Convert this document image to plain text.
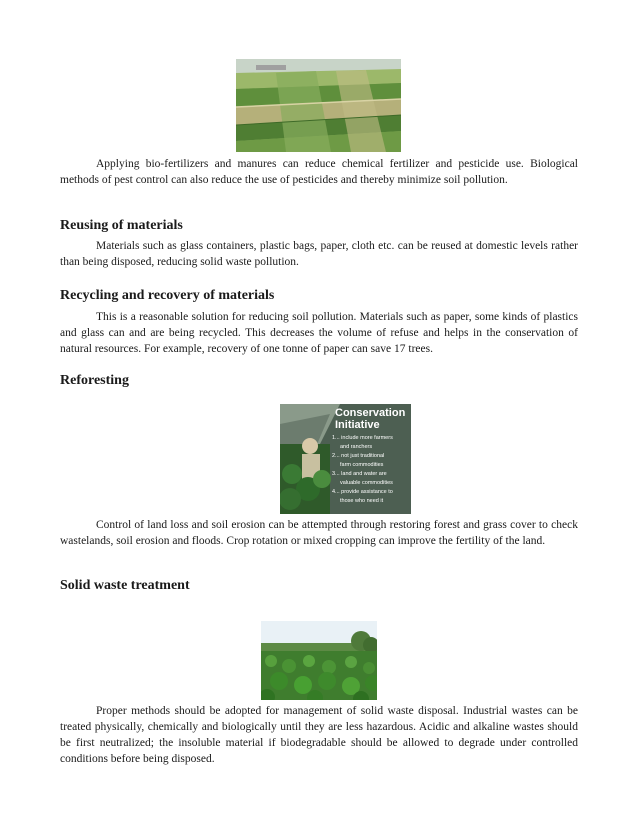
Applying bio-fertilizers and manures can reduce chemical fertilizer and pesticide use. Biological methods of pest control can also reduce the use of pesticides and thereby minimize soil pollution.

Reusing of materials

Materials such as glass containers, plastic bags, paper, cloth etc. can be reused at domestic levels rather than being disposed, reducing solid waste pollution.

Recycling and recovery of materials

This is a reasonable solution for reducing soil pollution. Materials such as paper, some kinds of plastics and glass can and are being recycled. This decreases the volume of refuse and helps in the conservation of natural resources. For example, recovery of one tonne of paper can save 17 trees.

Reforesting
Conservation
Initiative
1... include more farmers
and ranchers
2... not just traditional
farm commodities
3... land and water are
valuable commodities
4... provide assistance to
those who need it

Control of land loss and soil erosion can be attempted through restoring forest and grass cover to check wastelands, soil erosion and floods. Crop rotation or mixed cropping can improve the fertility of the land.

Solid waste treatment

Proper methods should be adopted for management of solid waste disposal. Industrial wastes can be treated physically, chemically and biologically until they are less hazardous. Acidic and alkaline wastes should be first neutralized; the insoluble material if biodegradable should be allowed to degrade under controlled conditions before being disposed.
